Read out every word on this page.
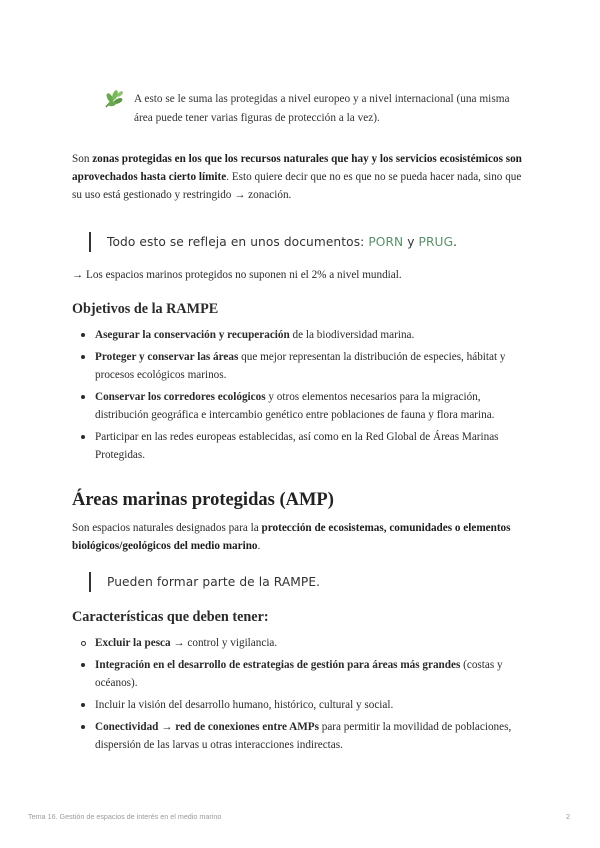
A esto se le suma las protegidas a nivel europeo y a nivel internacional (una misma área puede tener varias figuras de protección a la vez).

Son zonas protegidas en los que los recursos naturales que hay y los servicios ecosistémicos son aprovechados hasta cierto límite. Esto quiere decir que no es que no se pueda hacer nada, sino que su uso está gestionado y restringido → zonación.

Todo esto se refleja en unos documentos: PORN y PRUG.

→ Los espacios marinos protegidos no suponen ni el 2% a nivel mundial.

Objetivos de la RAMPE
Asegurar la conservación y recuperación de la biodiversidad marina.
Proteger y conservar las áreas que mejor representan la distribución de especies, hábitat y procesos ecológicos marinos.
Conservar los corredores ecológicos y otros elementos necesarios para la migración, distribución geográfica e intercambio genético entre poblaciones de fauna y flora marina.
Participar en las redes europeas establecidas, así como en la Red Global de Áreas Marinas Protegidas.
Áreas marinas protegidas (AMP)

Son espacios naturales designados para la protección de ecosistemas, comunidades o elementos biológicos/geológicos del medio marino.

Pueden formar parte de la RAMPE.
Características que deben tener:
Excluir la pesca → control y vigilancia.
Integración en el desarrollo de estrategias de gestión para áreas más grandes (costas y océanos).
Incluir la visión del desarrollo humano, histórico, cultural y social.
Conectividad → red de conexiones entre AMPs para permitir la movilidad de poblaciones, dispersión de las larvas u otras interacciones indirectas.
Tema 16. Gestión de espacios de interés en el medio marino	2
